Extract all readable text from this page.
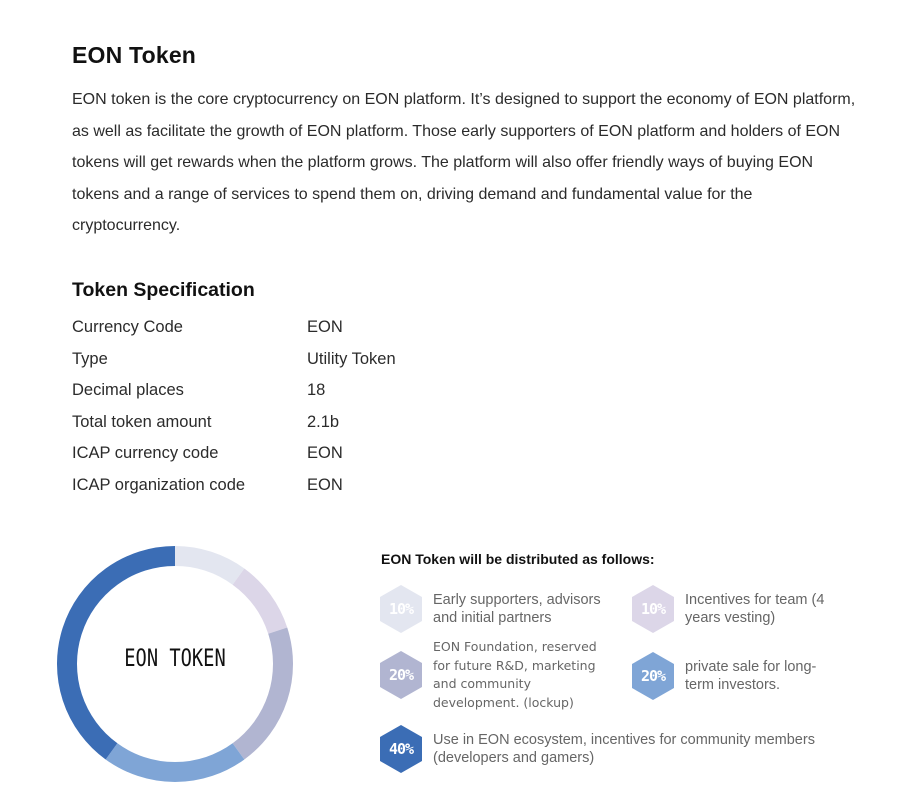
EON Token

EON token is the core cryptocurrency on EON platform. It’s designed to support the economy of EON platform, as well as facilitate the growth of EON platform. Those early supporters of EON platform and holders of EON tokens will get rewards when the platform grows. The platform will also offer friendly ways of buying EON tokens and a range of services to spend them on, driving demand and fundamental value for the cryptocurrency.

Token Specification
Currency Code	EON
Type	Utility Token
Decimal places	18
Total token amount	2.1b
ICAP currency code	EON
ICAP organization code	EON
EON TOKEN
EON Token will be distributed as follows:
10%	Early supporters, advisors and initial partners	10%	Incentives for team (4 years vesting)
20%
EON Foundation, reserved for future R&D, marketing and community development. (lockup)
20%	private sale for long-term investors.
40%	Use in EON ecosystem, incentives for community members (developers and gamers)
